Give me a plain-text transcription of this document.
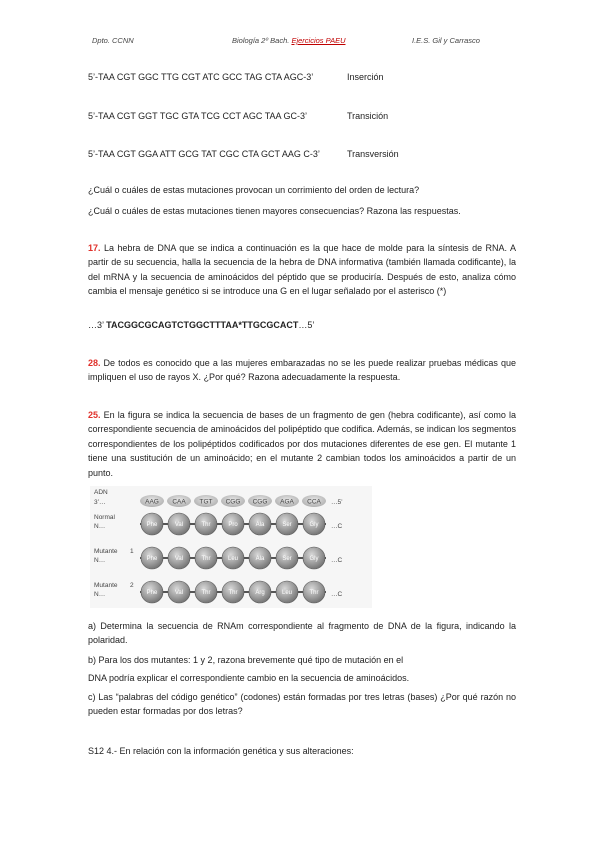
Dpto. CCNN	Biología 2º Bach. Ejercicios PAEU	I.E.S. Gil y Carrasco
5’-TAA CGT GGC TTG CGT ATC GCC TAG CTA AGC-3’	Inserción
5’-TAA CGT GGT TGC GTA TCG CCT AGC TAA GC-3’	Transición
5’-TAA CGT GGA ATT GCG TAT CGC CTA GCT AAG C-3’	Transversión
¿Cuál o cuáles de estas mutaciones provocan un corrimiento del orden de lectura?
¿Cuál o cuáles de estas mutaciones tienen mayores consecuencias? Razona las respuestas.
17. La hebra de DNA que se indica a continuación es la que hace de molde para la síntesis de RNA. A partir de su secuencia, halla la secuencia de la hebra de DNA informativa (también llamada codificante), la del mRNA y la secuencia de aminoácidos del péptido que se produciría. Después de esto, analiza cómo cambia el mensaje genético si se introduce una G en el lugar señalado por el asterisco (*)
…3’ TACGGCGCAGTCTGGCTTTAA*TTGCGCACT…5’
28. De todos es conocido que a las mujeres embarazadas no se les puede realizar pruebas médicas que impliquen el uso de rayos X. ¿Por qué? Razona adecuadamente la respuesta.
25. En la figura se indica la secuencia de bases de un fragmento de gen (hebra codificante), así como la correspondiente secuencia de aminoácidos del polipéptido que codifica. Además, se indican los segmentos correspondientes de los polipéptidos codificados por dos mutaciones diferentes de ese gen. El mutante 1 tiene una sustitución de un aminoácido; en el mutante 2 cambian todos los aminoácidos a partir de un punto.
ADN
3’…	AAG CAA TGT CGG CGG AGA CCA …5’
Normal
N…	Phe	Val	Thr	Pro	Ala	Ser	Gly …C
Mutante 1
N…	Phe	Val	Thr	Leu	Ala	Ser	Gly …C
Mutante 2
N…	Phe	Val	Thr	Thr	Arg	Leu	Thr …C
a) Determina la secuencia de RNAm correspondiente al fragmento de DNA de la figura, indicando la polaridad.
b) Para los dos mutantes: 1 y 2, razona brevemente qué tipo de mutación en el
DNA podría explicar el correspondiente cambio en la secuencia de aminoácidos.
c) Las “palabras del código genético” (codones) están formadas por tres letras (bases) ¿Por qué razón no pueden estar formadas por dos letras?
S12 4.- En relación con la información genética y sus alteraciones:
